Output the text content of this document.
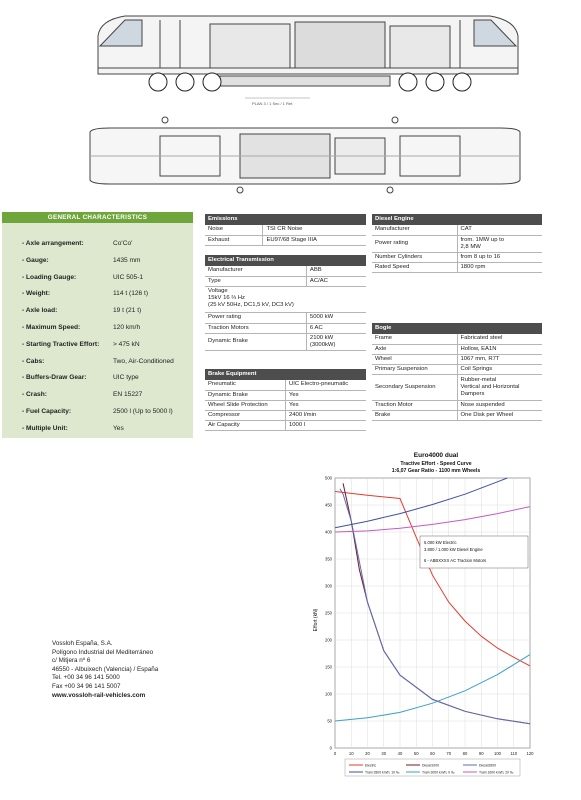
PLAN 3 / 1 Sec / 1 Ref.
GENERAL CHARACTERISTICS
- Axle arrangement:	Co'Co'
- Gauge:	1435 mm
- Loading Gauge:	UIC 505-1
- Weight:	114 t (126 t)
- Axle load:	19 t (21 t)
- Maximum Speed:	120 km/h
- Starting Tractive Effort: > 475 kN
- Cabs:	Two, Air-Conditioned
- Buffers-Draw Gear:	UIC type
- Crash:	EN 15227
- Fuel Capacity:	2500 l (Up to 5000 l)
- Multiple Unit:	Yes
Emissions
Noise	TSI CR Noise
Exhaust	EU97/68 Stage IIIA
Electrical Transmission
Manufacturer	ABB
Type	AC/AC
Voltage
15kV 16 ⅔ Hz
(25 kV 50Hz, DC1,5 kV, DC3 kV)
Power rating	5000 kW
Traction Motors	6 AC
Dynamic Brake	2100 kW
(3000kW)
Brake Equipment
Pneumatic	UIC Electro-pneumatic
Dynamic Brake	Yes
Wheel Slide Protection	Yes
Compressor	2400 l/min
Air Capacity	1000 l
Diesel Engine
Manufacturer	CAT
Power rating	from. 1MW up to
2,8 MW
Number Cylinders	from 8 up to 16
Rated Speed	1800 rpm
Bogie
Frame	Fabricated steel
Axle	Hollow, EA1N
Wheel	1067 mm, R7T
Primary Suspension	Coil Springs
Secondary Suspension	Rubber-metal
Vertical and Horizontal
Dampers
Traction Motor	Nose suspended
Brake	One Disk per Wheel
Vossloh España, S.A.
Polígono Industrial del Mediterráneo
c/ Mitjera nº 6
46550 - Albuixech (Valencia) / España
Tel. +00 34 96 141 5000
Fax +00 34 96 141 5007
www.vossloh-rail-vehicles.com
Euro4000 dual
Tractive Effort - Speed Curve
1:6,07 Gear Ratio - 1100 mm Wheels
Effort (kN)
0
50
100
150
200
250
300
350
400
450
500
0	10	20	30	40	50	60	70	80	90 100 110 120
5.000 kW Electric
3.800 / 1.000 kW Diesel Engine
6 - ABBXXXX AC Traction Motors
Electric	Diesel1000	Diesel2800
Train 2800 km/h; 10 ‰	Train 3000 km/h; 0 ‰	Train 1600 km/h; 20 ‰
